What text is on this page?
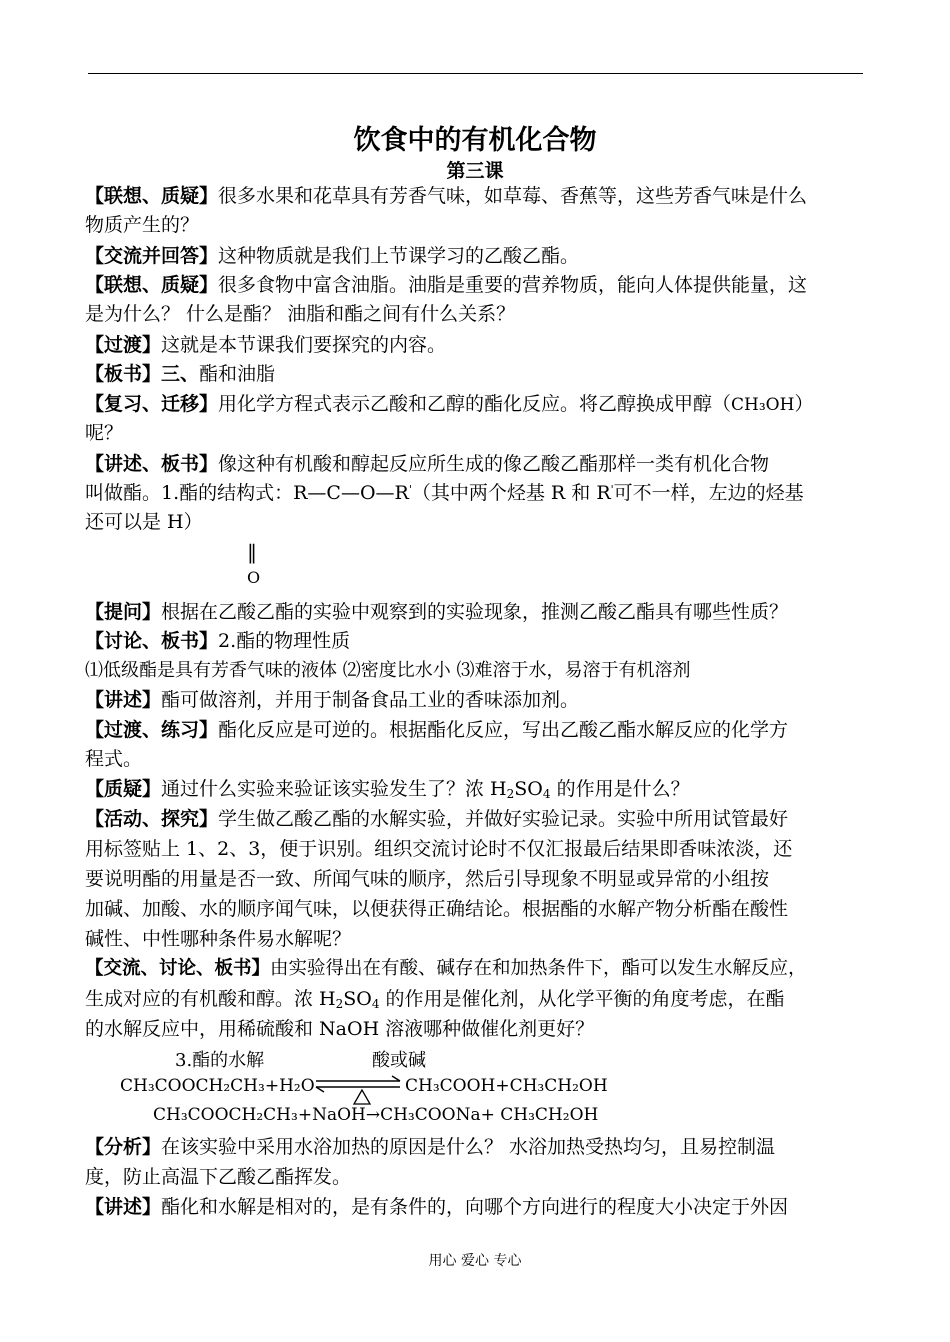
饮食中的有机化合物
第三课
【联想、质疑】很多水果和花草具有芳香气味，如草莓、香蕉等，这些芳香气味是什么
物质产生的？
【交流并回答】这种物质就是我们上节课学习的乙酸乙酯。
【联想、质疑】很多食物中富含油脂。油脂是重要的营养物质，能向人体提供能量，这
是为什么？ 什么是酯？ 油脂和酯之间有什么关系？
【过渡】这就是本节课我们要探究的内容。
【板书】三、酯和油脂
【复习、迁移】用化学方程式表示乙酸和乙醇的酯化反应。将乙醇换成甲醇（CH₃OH）
呢？
【讲述、板书】像这种有机酸和醇起反应所生成的像乙酸乙酯那样一类有机化合物
叫做酯。1.酯的结构式：R—C—O—R'（其中两个烃基 R 和 R'可不一样，左边的烃基
还可以是 H）
‖
O
【提问】根据在乙酸乙酯的实验中观察到的实验现象，推测乙酸乙酯具有哪些性质？
【讨论、板书】2.酯的物理性质
⑴低级酯是具有芳香气味的液体 ⑵密度比水小 ⑶难溶于水，易溶于有机溶剂
【讲述】酯可做溶剂，并用于制备食品工业的香味添加剂。
【过渡、练习】酯化反应是可逆的。根据酯化反应，写出乙酸乙酯水解反应的化学方
程式。
【质疑】通过什么实验来验证该实验发生了？浓 $H_2SO_4$ 的作用是什么？
【活动、探究】学生做乙酸乙酯的水解实验，并做好实验记录。实验中所用试管最好
用标签贴上 1、2、3，便于识别。组织交流讨论时不仅汇报最后结果即香味浓淡，还
要说明酯的用量是否一致、所闻气味的顺序，然后引导现象不明显或异常的小组按
加碱、加酸、水的顺序闻气味，以便获得正确结论。根据酯的水解产物分析酯在酸性
碱性、中性哪种条件易水解呢？
【交流、讨论、板书】由实验得出在有酸、碱存在和加热条件下，酯可以发生水解反应，
生成对应的有机酸和醇。浓 $H_2SO_4$ 的作用是催化剂，从化学平衡的角度考虑，在酯
的水解反应中，用稀硫酸和 NaOH 溶液哪种做催化剂更好？
3.酯的水解	酸或碱
CH₃COOCH₂CH₃+H₂O	CH₃COOH+CH₃CH₂OH
CH₃COOCH₂CH₃+NaOH→CH₃COONa+ CH₃CH₂OH
【分析】在该实验中采用水浴加热的原因是什么？ 水浴加热受热均匀，且易控制温
度，防止高温下乙酸乙酯挥发。
【讲述】酯化和水解是相对的，是有条件的，向哪个方向进行的程度大小决定于外因
用心 爱心 专心
